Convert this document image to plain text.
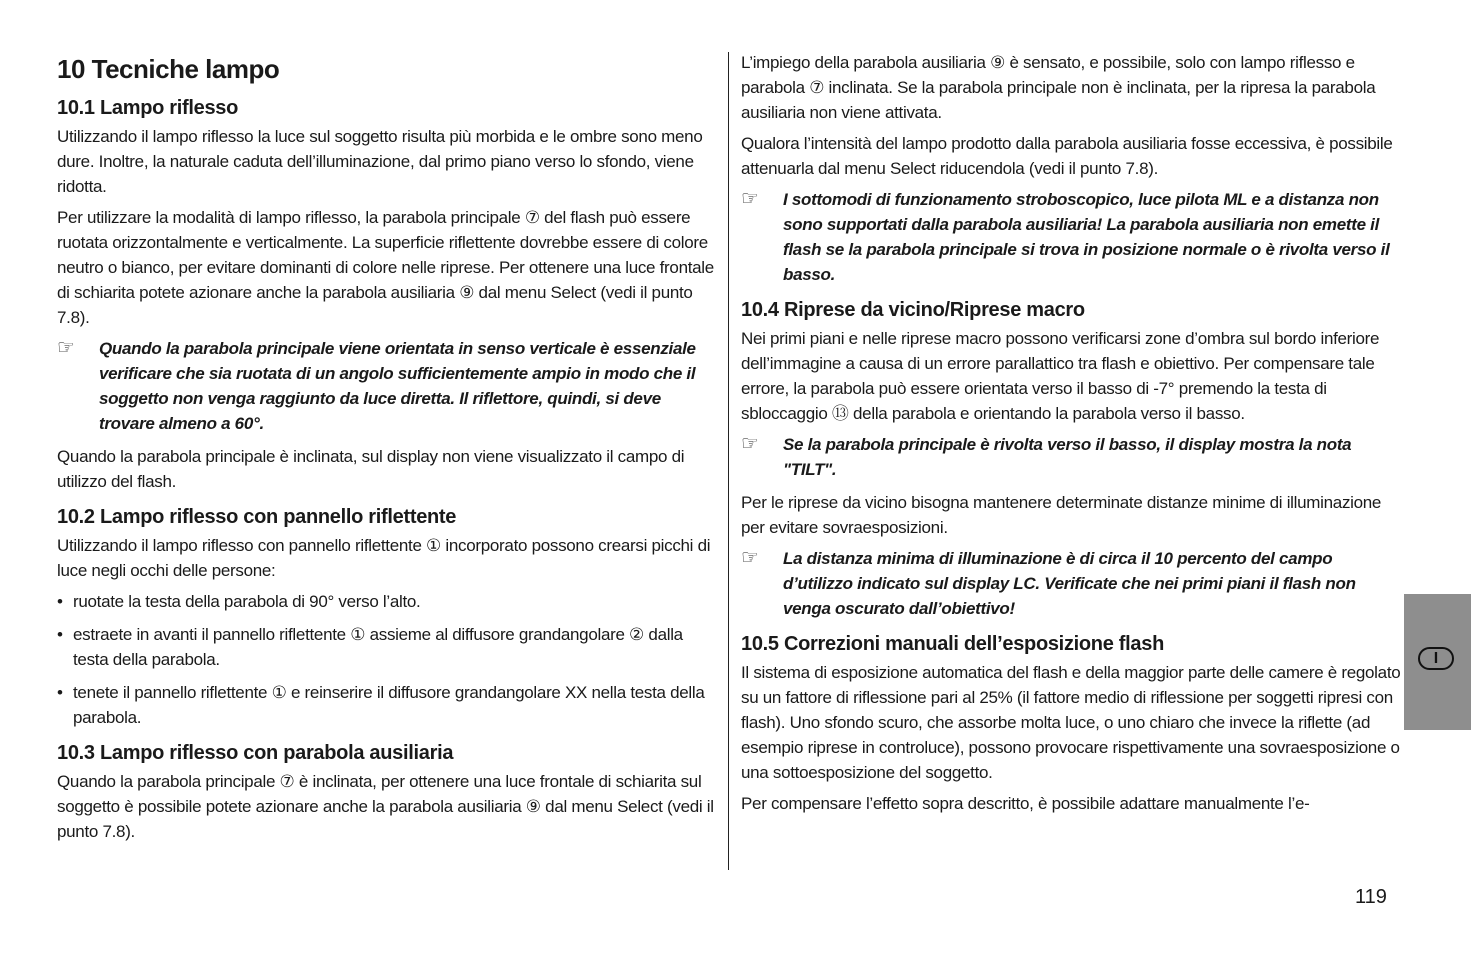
10 Tecniche lampo
10.1 Lampo riflesso

Utilizzando il lampo riflesso la luce sul soggetto risulta più morbida e le ombre sono meno dure. Inoltre, la naturale caduta dell’illuminazione, dal primo piano verso lo sfondo, viene ridotta.

Per utilizzare la modalità di lampo riflesso, la parabola principale ⑦ del flash può essere ruotata orizzontalmente e verticalmente. La superficie riflettente dovrebbe essere di colore neutro o bianco, per evitare dominanti di colore nelle riprese. Per ottenere una luce frontale di schiarita potete azionare anche la parabola ausiliaria ⑨ dal menu Select (vedi il punto 7.8).

☞ Quando la parabola principale viene orientata in senso verticale è essenziale verificare che sia ruotata di un angolo sufficientemente ampio in modo che il soggetto non venga raggiunto da luce diretta. Il riflettore, quindi, si deve trovare almeno a 60°.

Quando la parabola principale è inclinata, sul display non viene visualizzato il campo di utilizzo del flash.

10.2 Lampo riflesso con pannello riflettente

Utilizzando il lampo riflesso con pannello riflettente ① incorporato possono crearsi picchi di luce negli occhi delle persone:

• ruotate la testa della parabola di 90° verso l’alto.
• estraete in avanti il pannello riflettente ① assieme al diffusore grandangolare ② dalla testa della parabola.
• tenete il pannello riflettente ① e reinserire il diffusore grandangolare XX nella testa della parabola.
10.3 Lampo riflesso con parabola ausiliaria

Quando la parabola principale ⑦ è inclinata, per ottenere una luce frontale di schiarita sul soggetto è possibile potete azionare anche la parabola ausiliaria ⑨ dal menu Select (vedi il punto 7.8).

L’impiego della parabola ausiliaria ⑨ è sensato, e possibile, solo con lampo riflesso e parabola ⑦ inclinata. Se la parabola principale non è inclinata, per la ripresa la parabola ausiliaria non viene attivata.

Qualora l’intensità del lampo prodotto dalla parabola ausiliaria fosse eccessiva, è possibile attenuarla dal menu Select riducendola (vedi il punto 7.8).

☞ I sottomodi di funzionamento stroboscopico, luce pilota ML e a distanza non sono supportati dalla parabola ausiliaria! La parabola ausiliaria non emette il flash se la parabola principale si trova in posizione normale o è rivolta verso il basso.

10.4 Riprese da vicino/Riprese macro

Nei primi piani e nelle riprese macro possono verificarsi zone d’ombra sul bordo inferiore dell’immagine a causa di un errore parallattico tra flash e obiettivo. Per compensare tale errore, la parabola può essere orientata verso il basso di -7° premendo la testa di sbloccaggio ⑬ della parabola e orientando la parabola verso il basso.

☞ Se la parabola principale è rivolta verso il basso, il display mostra la nota "TILT".

Per le riprese da vicino bisogna mantenere determinate distanze minime di illuminazione per evitare sovraesposizioni.

☞ La distanza minima di illuminazione è di circa il 10 percento del campo d’utilizzo indicato sul display LC. Verificate che nei primi piani il flash non venga oscurato dall’obiettivo!

10.5 Correzioni manuali dell’esposizione flash

Il sistema di esposizione automatica del flash e della maggior parte delle camere è regolato su un fattore di riflessione pari al 25% (il fattore medio di riflessione per soggetti ripresi con flash). Uno sfondo scuro, che assorbe molta luce, o uno chiaro che invece la riflette (ad esempio riprese in controluce), possono provocare rispettivamente una sovraesposizione o una sottoesposizione del soggetto.

Per compensare l’effetto sopra descritto, è possibile adattare manualmente l’e-

I
119
